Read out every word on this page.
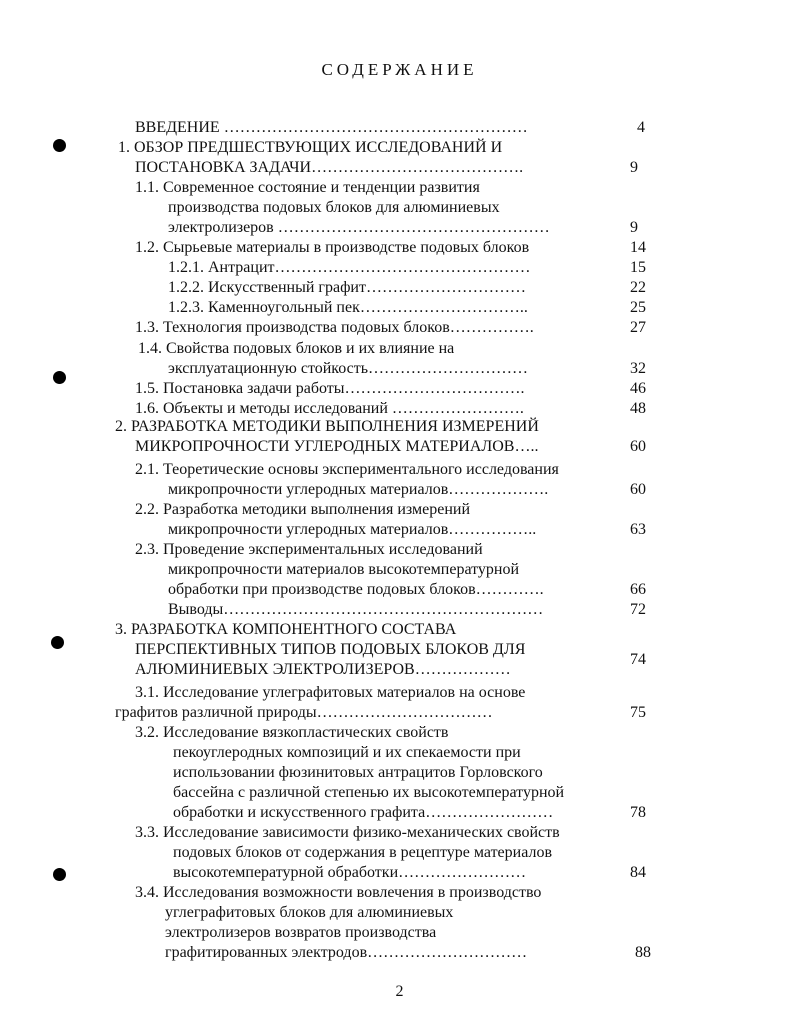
СОДЕРЖАНИЕ
ВВЕДЕНИЕ …………………………………………………
1. ОБЗОР ПРЕДШЕСТВУЮЩИХ ИССЛЕДОВАНИЙ И
ПОСТАНОВКА ЗАДАЧИ………………………………….
1.1. Современное состояние и тенденции развития
производства подовых блоков для алюминиевых
электролизеров ……………………………………………
1.2. Сырьевые материалы в производстве подовых блоков
1.2.1. Антрацит…………………………………………
1.2.2. Искусственный графит…………………………
1.2.3. Каменноугольный пек…………………………..
1.3. Технология производства подовых блоков…………….
1.4. Свойства подовых блоков и их влияние на
эксплуатационную стойкость…………………………
1.5. Постановка задачи работы…………………………….
1.6. Объекты и методы исследований …………………….
2. РАЗРАБОТКА МЕТОДИКИ ВЫПОЛНЕНИЯ ИЗМЕРЕНИЙ
МИКРОПРОЧНОСТИ УГЛЕРОДНЫХ МАТЕРИАЛОВ…..
2.1. Теоретические основы экспериментального исследования
микропрочности углеродных материалов……………….
2.2. Разработка методики выполнения измерений
микропрочности углеродных материалов……………..
2.3. Проведение экспериментальных исследований
микропрочности материалов высокотемпературной
обработки при производстве подовых блоков………….
Выводы……………………………………………………
3. РАЗРАБОТКА КОМПОНЕНТНОГО СОСТАВА
ПЕРСПЕКТИВНЫХ ТИПОВ ПОДОВЫХ БЛОКОВ ДЛЯ
АЛЮМИНИЕВЫХ ЭЛЕКТРОЛИЗЕРОВ………………
3.1. Исследование углеграфитовых материалов на основе
графитов различной природы……………………………
3.2. Исследование вязкопластических свойств
пекоуглеродных композиций и их спекаемости при
использовании фюзинитовых антрацитов Горловского
бассейна с различной степенью их высокотемпературной
обработки и искусственного графита……………………
3.3. Исследование зависимости физико-механических свойств
подовых блоков от содержания в рецептуре материалов
высокотемпературной обработки……………………
3.4. Исследования возможности вовлечения в производство
углеграфитовых блоков для алюминиевых
электролизеров возвратов производства
графитированных электродов…………………………
4
9
9
14
15
22
25
27
32
46
48
60
60
63
66
72
74
75
78
84
88
2
